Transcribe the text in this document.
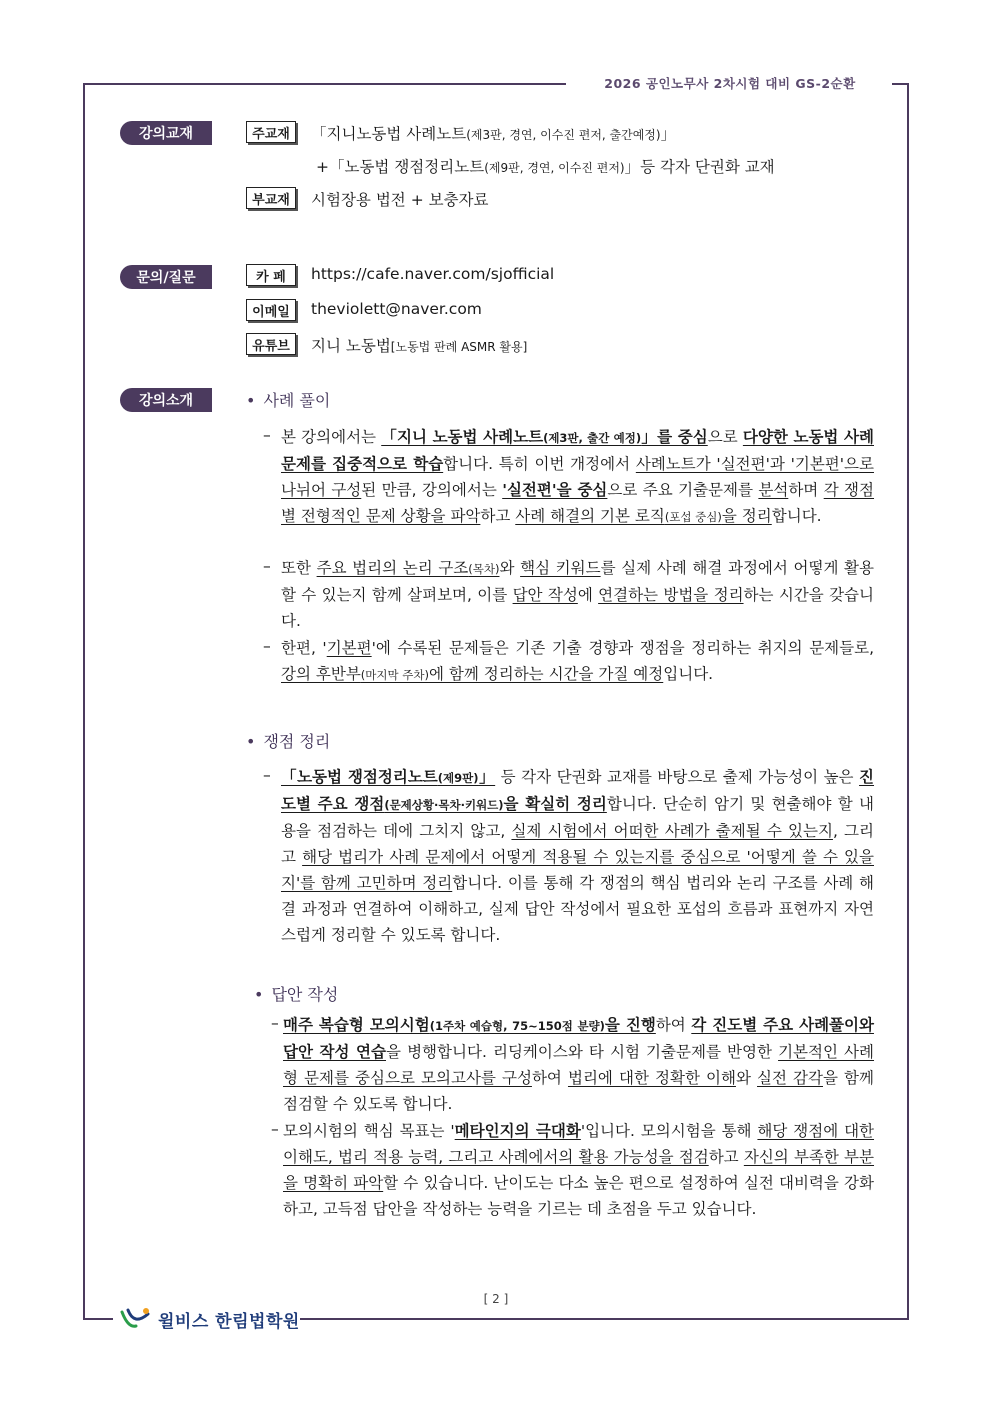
2026 공인노무사 2차시험 대비 GS-2순환
강의교재	주교재	「지니노동법 사례노트(제3판, 경연, 이수진 편저, 출간예정)」
+「노동법 쟁점정리노트(제9판, 경연, 이수진 편저)」등 각자 단권화 교재
부교재	시험장용 법전 + 보충자료
문의/질문	카 페	https://cafe.naver.com/sjofficial
이메일	theviolett@naver.com
유튜브	지니 노동법[노동법 판례 ASMR 활용]
강의소개	• 사례 풀이
– 본 강의에서는 「지니 노동법 사례노트(제3판, 출간 예정)」를 중심으로 다양한 노동법 사례문제를 집중적으로 학습합니다. 특히 이번 개정에서 사례노트가 '실전편'과 '기본편'으로 나뉘어 구성된 만큼, 강의에서는 '실전편'을 중심으로 주요 기출문제를 분석하며 각 쟁점별 전형적인 문제 상황을 파악하고 사례 해결의 기본 로직(포섭 중심)을 정리합니다.
– 또한 주요 법리의 논리 구조(목차)와 핵심 키워드를 실제 사례 해결 과정에서 어떻게 활용할 수 있는지 함께 살펴보며, 이를 답안 작성에 연결하는 방법을 정리하는 시간을 갖습니다.
– 한편, '기본편'에 수록된 문제들은 기존 기출 경향과 쟁점을 정리하는 취지의 문제들로, 강의 후반부(마지막 주차)에 함께 정리하는 시간을 가질 예정입니다.
• 쟁점 정리
– 「노동법 쟁점정리노트(제9판)」 등 각자 단권화 교재를 바탕으로 출제 가능성이 높은 진도별 주요 쟁점(문제상황·목차·키워드)을 확실히 정리합니다. 단순히 암기 및 현출해야 할 내용을 점검하는 데에 그치지 않고, 실제 시험에서 어떠한 사례가 출제될 수 있는지, 그리고 해당 법리가 사례 문제에서 어떻게 적용될 수 있는지를 중심으로 '어떻게 쓸 수 있을지'를 함께 고민하며 정리합니다. 이를 통해 각 쟁점의 핵심 법리와 논리 구조를 사례 해결 과정과 연결하여 이해하고, 실제 답안 작성에서 필요한 포섭의 흐름과 표현까지 자연스럽게 정리할 수 있도록 합니다.
• 답안 작성
– 매주 복습형 모의시험(1주차 예습형, 75~150점 분량)을 진행하여 각 진도별 주요 사례풀이와 답안 작성 연습을 병행합니다. 리딩케이스와 타 시험 기출문제를 반영한 기본적인 사례형 문제를 중심으로 모의고사를 구성하여 법리에 대한 정확한 이해와 실전 감각을 함께 점검할 수 있도록 합니다.
– 모의시험의 핵심 목표는 '메타인지의 극대화'입니다. 모의시험을 통해 해당 쟁점에 대한 이해도, 법리 적용 능력, 그리고 사례에서의 활용 가능성을 점검하고 자신의 부족한 부분을 명확히 파악할 수 있습니다. 난이도는 다소 높은 편으로 설정하여 실전 대비력을 강화하고, 고득점 답안을 작성하는 능력을 기르는 데 초점을 두고 있습니다.
[ 2 ]
윌비스 한림법학원
